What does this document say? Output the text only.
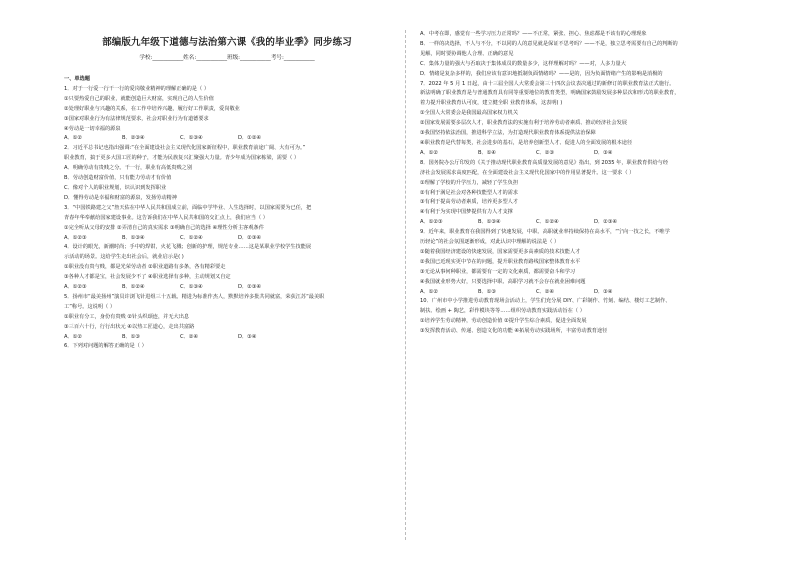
部编版九年级下道德与法治第六课《我的毕业季》同步练习
学校:___________姓名:___________班级:___________考号:___________
一、单选题
1．对于一行爱一行干一行的爱岗敬业精神的理解正确的是（ ）
①只要热爱自己的职业，就能创造巨大财富，实现自己的人生价值
②处理好职业与兴趣的关系，在工作中培养兴趣，履行好工作职责，爱岗敬业
③国家对职业行为有法律规范要求，社会对职业行为有道德要求
④劳动是一切幸福的源泉
A．①②	B．②③④	C．①③④	D．①②④
2．习近平总书记也指出强调:“在全面建设社会主义现代化国家新征程中，职业教育前途广阔、大有可为。”
职业教育，搞于更多大国工匠的种子，才能为民族复兴汇聚强大力量。青少年成为国家栋梁，需要（ ）
A．明确劳动有贵贱之分。干一行，职业有高低贵贱之别
B．劳动创造财富价值，只有能力劳动才有价值
C．像对个人的职业规划，识认识到发挥职业
D．懂得劳动是幸福和财富的源泉，发扬劳动精神
3．“中国铁路建之父”詹天佑在中华人民共和国成立前，面临中学毕业、人生选择时，以国家需要为已任，把
青春年华奉献给国家建设事业。这告诉我们在中华人民共和国的交汇点上，我们应当（ ）
①完全听从父母的安排 ②弄清自己的真实需求 ③明确自己的选择 ④理性分析主客观条件
A．①②③	B．①③④	C．①②④	D．②③④
4．设计的眼光，新潮时尚；手中的焊钳，火花飞溅；创新的护理，规范专业……这是某职业学校学生技能展
示活动的场景。这给学生走出社会后，就业启示是( )
①职业没有贵与贱，都是光荣劳动者 ②职业道路有多条，各有精彩要走
③各种人才都是宝，社会发展少不了 ④职业选择有多种，主动规划又自定
A．①②③	B．①②④	C．①③④	D．②③④
5．扬州市“最美扬州”演员许浏飞针进组三十五载。精进为标准作杰人，默默培养多批共同就富，荣获江苏“最美职
工”称号。这说明（ ）
①职业有分工，身份有贵贱 ②针头织颂连，并无大出息
③三百六十行，行行出状元 ④以热工匠道心，走出共富路
A．①②	B．①③	C．②④	D．③④
6．下列对问题的解答正确的是（ ）
A．中考在即，感觉有一些学习压力正常吗？——不正常，紧张、担心、焦虑都是不该有的心理现象
B．一样的决选择，不人与不分，不以同的人的意见就是保证不思考吗？——不是，独立思考需要有自己的判断的
见解，同时要协调他人合理、正确的意见
C．集体力量的强大与否取决于集体成员的数量多少，这样理解对吗？——对，人多力量大
D．情绪是复杂多样的，我们应该有意识地抵制负面情绪吗？——是的，因为负面情绪产生的影响是消极的
7．2022 年 5 月 1 日起，由十三届全国人大常委会第三十四次会议表决通过的新修订的职业教育法正式施行。
新法明确了职业教育是与普通教育具有同等重要地位的教育类型，明确国家鼓励发展多种层次和形式的职业教育，
着力提升职业教育认可度，建立健全职 业教育体系，这表明( )
①全国人大常委会是我国最高国家权力机关
②国家发展需要多层次人才，职业教育法的实施有利于培养劳动者素质、推动经济社会发展
③我国坚持依法治国，推进科学立法，为打造现代职业教育体系提供法治保障
④职业教育是代替每类，社会进步的基石，是培养创新型人才、促进人的全面发展的根本途径
A．①②	B．①④	C．②③	D．③④
8．国务院办公厅印发的《关于推动现代职业教育高质量发展的意见》指出，到 2035 年，职业教育供给与经
济社会发展需求高度匹配，在全面建设社会主义现代化国家中的作用显著提升。这一要求（ ）
①理解了学校的升学压力，减轻了学生负担
②有利于满足社会对各种技能型人才的需求
③有利于提高劳动者素质，培养更多型人才
④有利于为实现中国梦提供有力人才支撑
A．①②③	B．①③④	C．①②④	D．②③④
9．近年来，职业教育在我国得到了快速发展，中职、高职就业率持续保持在高水平，“宁向一技之长，不唯学
历轻论”的社会氛围逐渐形成，对此认识中理解的说法是（ ）
①随着我国经济建设的快速发展，国家需要更多高素质的技术技能人才
②我国已近现实更中节在的问题，提升职业教育路线国家整体教育水平
③无论从事何种职业，都需要有一定的文化素质，都需要奋斗和学习
④我国就业形势大好，只要选择中职、高职学习就不会存在就业困难问题
A．①②	B．①③	C．②④	D．③④
10．广州市中小学推进劳动教育现场会活动上，学生们充分展 DIY、广彩制作、竹刻、编结、楼灯工艺制作、
制扶、绘画 + 陶艺，彩作模块等等……组织劳动教育实践活动旨在（ ）
①培养学生劳动精神，劳动创造价值 ②提升学生综合素质，促进全面发展
③发挥教育活动、传递、创造文化的功能 ④拓展劳动实践场所，丰富劳动教育途径
